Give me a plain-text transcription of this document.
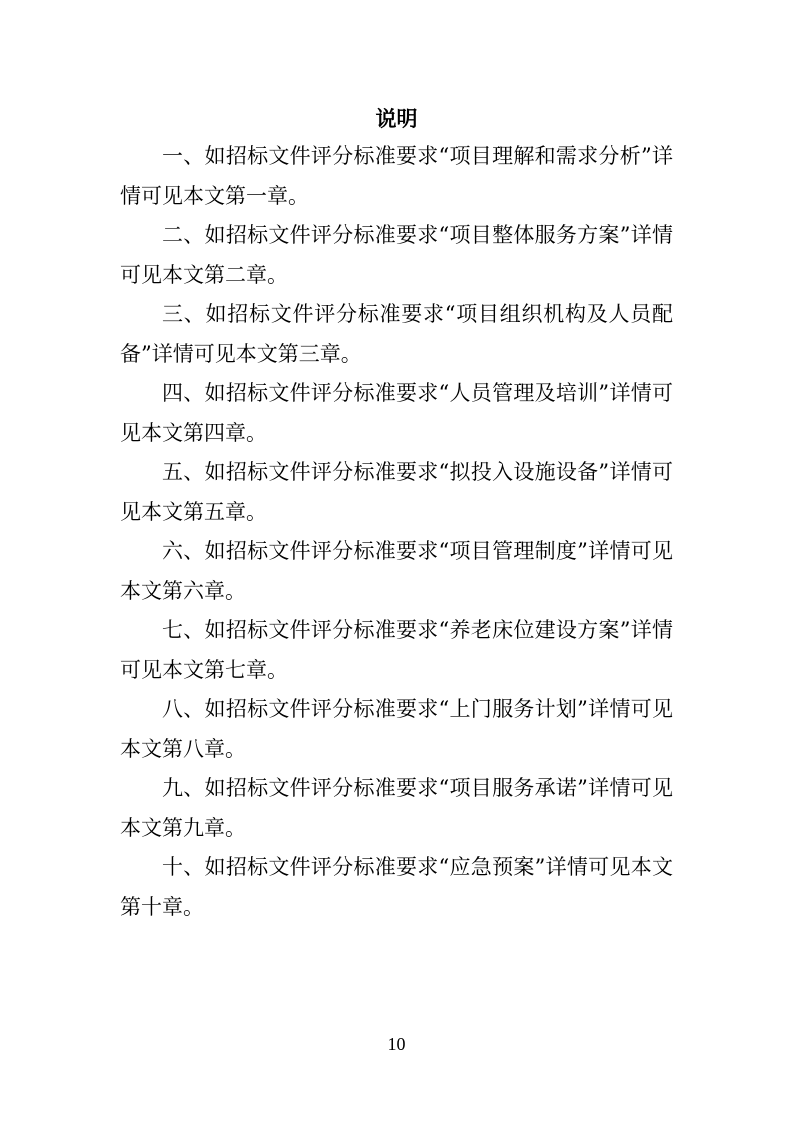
说明

一、如招标文件评分标准要求“项目理解和需求分析”详情可见本文第一章。

二、如招标文件评分标准要求“项目整体服务方案”详情可见本文第二章。

三、如招标文件评分标准要求“项目组织机构及人员配备”详情可见本文第三章。

四、如招标文件评分标准要求“人员管理及培训”详情可见本文第四章。

五、如招标文件评分标准要求“拟投入设施设备”详情可见本文第五章。

六、如招标文件评分标准要求“项目管理制度”详情可见本文第六章。

七、如招标文件评分标准要求“养老床位建设方案”详情可见本文第七章。

八、如招标文件评分标准要求“上门服务计划”详情可见本文第八章。

九、如招标文件评分标准要求“项目服务承诺”详情可见本文第九章。

十、如招标文件评分标准要求“应急预案”详情可见本文第十章。

10
